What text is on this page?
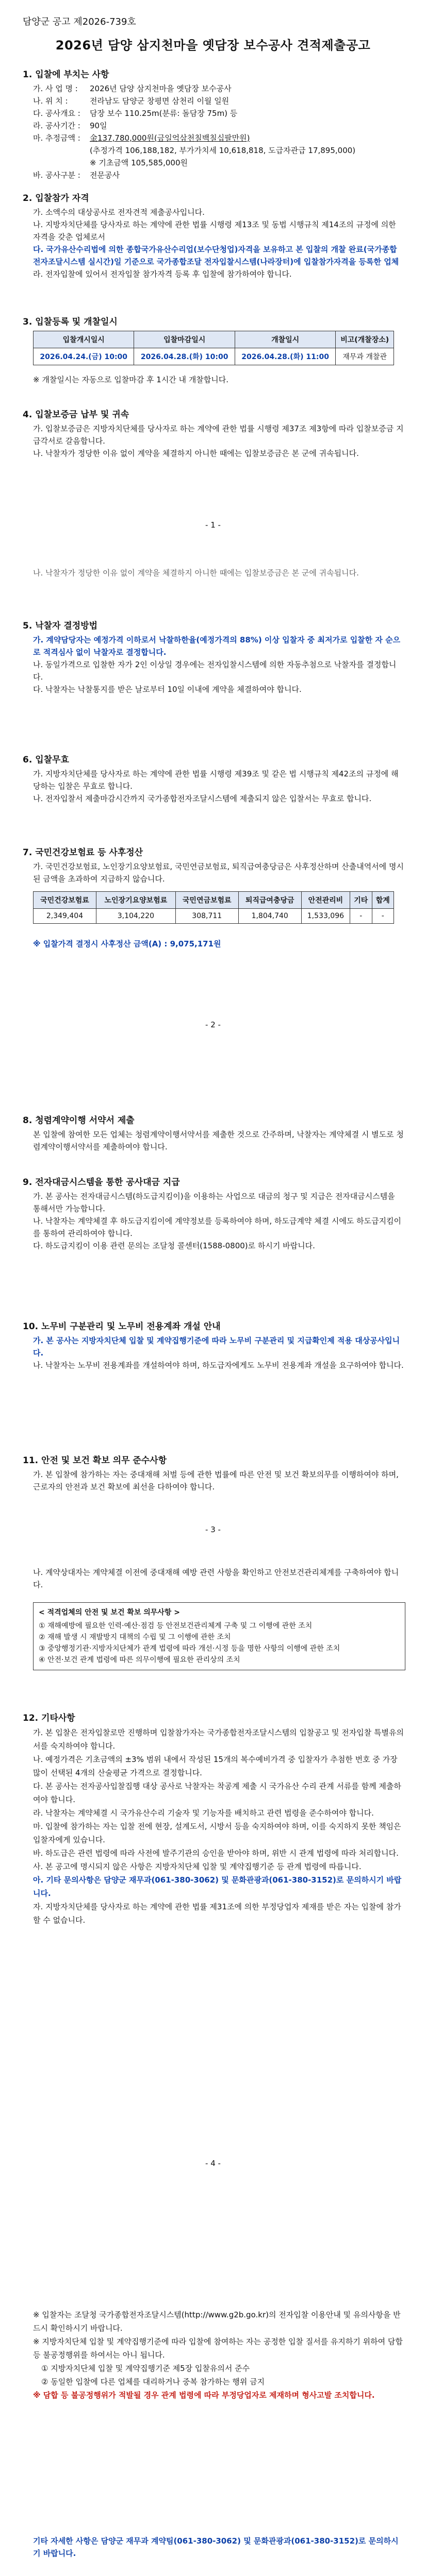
담양군 공고 제2026-739호
2026년 담양 삼지천마을 옛담장 보수공사 견적제출공고
1. 입찰에 부치는 사항
가. 사 업 명 :	2026년 담양 삼지천마을 옛담장 보수공사
나. 위 치 :	전라남도 담양군 창평면 삼천리 이월 일원
다. 공사개요 :	담장 보수 110.25m(분류: 돌담장 75m) 등
라. 공사기간 :	90일
마. 추정금액 :	金137,780,000원(금일억삼천칠백칠십팔만원)
(추정가격 106,188,182, 부가가치세 10,618,818, 도급자관급 17,895,000)
※ 기초금액 105,585,000원
바. 공사구분 :	전문공사
2. 입찰참가 자격
가. 소액수의 대상공사로 전자견적 제출공사입니다.
나. 지방자치단체를 당사자로 하는 계약에 관한 법률 시행령 제13조 및 동법 시행규칙 제14조의 규정에 의한 자격을 갖춘 업체로서
다. 국가유산수리법에 의한 종합국가유산수리업(보수단청업)자격을 보유하고 본 입찰의 개찰 완료(국가종합전자조달시스템 실시간)일 기준으로 국가종합조달 전자입찰시스템(나라장터)에 입찰참가자격을 등록한 업체
라. 전자입찰에 있어서 전자입찰 참가자격 등록 후 입찰에 참가하여야 합니다.
3. 입찰등록 및 개찰일시
입찰개시일시	입찰마감일시	개찰일시	비고(개찰장소)
2026.04.24.(금) 10:00	2026.04.28.(화) 10:00	2026.04.28.(화) 11:00	재무과 개찰관
※ 개찰일시는 자동으로 입찰마감 후 1시간 내 개찰합니다.
4. 입찰보증금 납부 및 귀속
가. 입찰보증금은 지방자치단체를 당사자로 하는 계약에 관한 법률 시행령 제37조 제3항에 따라 입찰보증금 지급각서로 갈음합니다.
나. 낙찰자가 정당한 이유 없이 계약을 체결하지 아니한 때에는 입찰보증금은 본 군에 귀속됩니다.
- 1 -
나. 낙찰자가 정당한 이유 없이 계약을 체결하지 아니한 때에는 입찰보증금은 본 군에 귀속됩니다.
5. 낙찰자 결정방법
가. 계약담당자는 예정가격 이하로서 낙찰하한율(예정가격의 88%) 이상 입찰자 중 최저가로 입찰한 자 순으로 적격심사 없이 낙찰자로 결정합니다.
나. 동일가격으로 입찰한 자가 2인 이상일 경우에는 전자입찰시스템에 의한 자동추첨으로 낙찰자를 결정합니다.
다. 낙찰자는 낙찰통지를 받은 날로부터 10일 이내에 계약을 체결하여야 합니다.
6. 입찰무효
가. 지방자치단체를 당사자로 하는 계약에 관한 법률 시행령 제39조 및 같은 법 시행규칙 제42조의 규정에 해당하는 입찰은 무효로 합니다.
나. 전자입찰서 제출마감시간까지 국가종합전자조달시스템에 제출되지 않은 입찰서는 무효로 합니다.
7. 국민건강보험료 등 사후정산
가. 국민건강보험료, 노인장기요양보험료, 국민연금보험료, 퇴직급여충당금은 사후정산하며 산출내역서에 명시된 금액을 초과하여 지급하지 않습니다.
국민건강보험료	노인장기요양보험료	국민연금보험료	퇴직급여충당금	안전관리비	기타	합계
2,349,404	3,104,220	308,711	1,804,740	1,533,096	-	-
※ 입찰가격 결정시 사후정산 금액(A) : 9,075,171원
- 2 -
8. 청렴계약이행 서약서 제출
본 입찰에 참여한 모든 업체는 청렴계약이행서약서를 제출한 것으로 간주하며, 낙찰자는 계약체결 시 별도로 청렴계약이행서약서를 제출하여야 합니다.
9. 전자대금시스템을 통한 공사대금 지급
가. 본 공사는 전자대금시스템(하도급지킴이)을 이용하는 사업으로 대금의 청구 및 지급은 전자대금시스템을 통해서만 가능합니다.
나. 낙찰자는 계약체결 후 하도급지킴이에 계약정보를 등록하여야 하며, 하도급계약 체결 시에도 하도급지킴이를 통하여 관리하여야 합니다.
다. 하도급지킴이 이용 관련 문의는 조달청 콜센터(1588-0800)로 하시기 바랍니다.
10. 노무비 구분관리 및 노무비 전용계좌 개설 안내
가. 본 공사는 지방자치단체 입찰 및 계약집행기준에 따라 노무비 구분관리 및 지급확인제 적용 대상공사입니다.
나. 낙찰자는 노무비 전용계좌를 개설하여야 하며, 하도급자에게도 노무비 전용계좌 개설을 요구하여야 합니다.
11. 안전 및 보건 확보 의무 준수사항
가. 본 입찰에 참가하는 자는 중대재해 처벌 등에 관한 법률에 따른 안전 및 보건 확보의무를 이행하여야 하며, 근로자의 안전과 보건 확보에 최선을 다하여야 합니다.
- 3 -
나. 계약상대자는 계약체결 이전에 중대재해 예방 관련 사항을 확인하고 안전보건관리체계를 구축하여야 합니다.
< 적격업체의 안전 및 보건 확보 의무사항 >
① 재해예방에 필요한 인력·예산·점검 등 안전보건관리체계 구축 및 그 이행에 관한 조치
② 재해 발생 시 재발방지 대책의 수립 및 그 이행에 관한 조치
③ 중앙행정기관·지방자치단체가 관계 법령에 따라 개선·시정 등을 명한 사항의 이행에 관한 조치
④ 안전·보건 관계 법령에 따른 의무이행에 필요한 관리상의 조치
12. 기타사항
가. 본 입찰은 전자입찰로만 진행하며 입찰참가자는 국가종합전자조달시스템의 입찰공고 및 전자입찰 특별유의서를 숙지하여야 합니다.
나. 예정가격은 기초금액의 ±3% 범위 내에서 작성된 15개의 복수예비가격 중 입찰자가 추첨한 번호 중 가장 많이 선택된 4개의 산술평균 가격으로 결정합니다.
다. 본 공사는 전자공사입찰집행 대상 공사로 낙찰자는 착공계 제출 시 국가유산 수리 관계 서류를 함께 제출하여야 합니다.
라. 낙찰자는 계약체결 시 국가유산수리 기술자 및 기능자를 배치하고 관련 법령을 준수하여야 합니다.
마. 입찰에 참가하는 자는 입찰 전에 현장, 설계도서, 시방서 등을 숙지하여야 하며, 이를 숙지하지 못한 책임은 입찰자에게 있습니다.
바. 하도급은 관련 법령에 따라 사전에 발주기관의 승인을 받아야 하며, 위반 시 관계 법령에 따라 처리합니다.
사. 본 공고에 명시되지 않은 사항은 지방자치단체 입찰 및 계약집행기준 등 관계 법령에 따릅니다.
아. 기타 문의사항은 담양군 재무과(061-380-3062) 및 문화관광과(061-380-3152)로 문의하시기 바랍니다.
자. 지방자치단체를 당사자로 하는 계약에 관한 법률 제31조에 의한 부정당업자 제재를 받은 자는 입찰에 참가할 수 없습니다.
- 4 -
※ 입찰자는 조달청 국가종합전자조달시스템(http://www.g2b.go.kr)의 전자입찰 이용안내 및 유의사항을 반드시 확인하시기 바랍니다.
※ 지방자치단체 입찰 및 계약집행기준에 따라 입찰에 참여하는 자는 공정한 입찰 질서를 유지하기 위하여 담합 등 불공정행위를 하여서는 아니 됩니다.
① 지방자치단체 입찰 및 계약집행기준 제5장 입찰유의서 준수
② 동일한 입찰에 다른 업체를 대리하거나 중복 참가하는 행위 금지
※ 담합 등 불공정행위가 적발될 경우 관계 법령에 따라 부정당업자로 제재하며 형사고발 조치합니다.
기타 자세한 사항은 담양군 재무과 계약팀(061-380-3062) 및 문화관광과(061-380-3152)로 문의하시기 바랍니다.
